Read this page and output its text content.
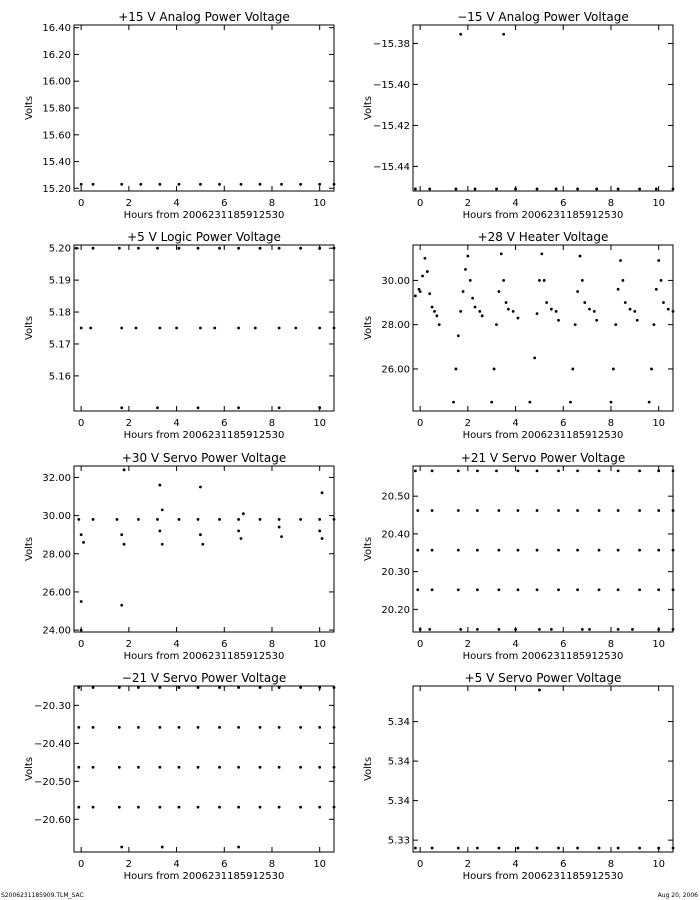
+15 V Analog Power Voltage
Hours from 2006231185912530
Volts
0	2	4	6	8	10
15.20
15.40
15.60
15.80
16.00
16.20
16.40
−15 V Analog Power Voltage
Hours from 2006231185912530
Volts
0	2	4	6	8	10
−15.38
−15.40
−15.42
−15.44
+5 V Logic Power Voltage
Hours from 2006231185912530
Volts
0	2	4	6	8	10
5.16
5.17
5.18
5.19
5.20
+28 V Heater Voltage
Hours from 2006231185912530
Volts
0	2	4	6	8	10
26.00
28.00
30.00
+30 V Servo Power Voltage
Hours from 2006231185912530
Volts
0	2	4	6	8	10
24.00
26.00
28.00
30.00
32.00
+21 V Servo Power Voltage
Hours from 2006231185912530
Volts
0	2	4	6	8	10
20.20
20.30
20.40
20.50
−21 V Servo Power Voltage
Hours from 2006231185912530
Volts
0	2	4	6	8	10
−20.30
−20.40
−20.50
−20.60
+5 V Servo Power Voltage
Hours from 2006231185912530
Volts
0	2	4	6	8	10
5.33
5.34
5.34
5.34
S2006231185909.TLM_SAC	Aug 20, 2006
